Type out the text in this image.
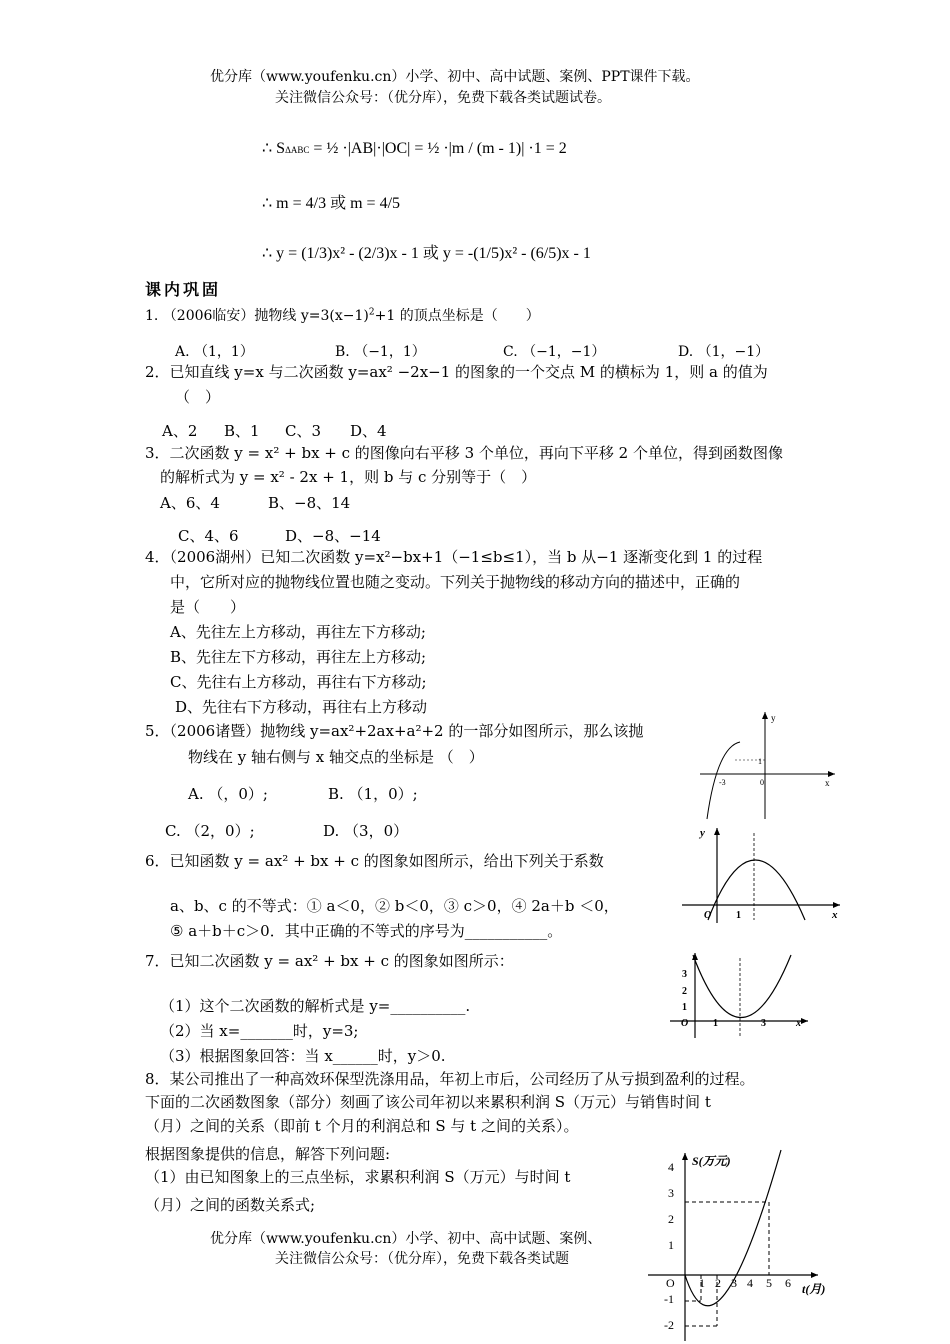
优分库（www.youfenku.cn）小学、初中、高中试题、案例、PPT课件下载。
关注微信公众号：（优分库），免费下载各类试题试卷。
∴ SΔABC = ½ ·|AB|·|OC| = ½ ·|m / (m - 1)| ·1 = 2
∴ m = 4/3 或 m = 4/5
∴ y = (1/3)x² - (2/3)x - 1 或 y = -(1/5)x² - (6/5)x - 1
课内巩固
1. （2006临安）抛物线 $y=3(x-1)^2+1$ 的顶点坐标是（　　）
A. （1，1）	B. （−1，1）	C. （−1，−1）	D. （1，−1）
2．已知直线 y=x 与二次函数 y=ax² −2x−1 的图象的一个交点 M 的横标为 1，则 a 的值为
（　）
A、2 B、1 C、3 D、4
3．二次函数 y = x² + bx + c 的图像向右平移 3 个单位，再向下平移 2 个单位，得到函数图像
的解析式为 y = x² - 2x + 1，则 b 与 c 分别等于（　）
A、6、4	B、−8、14
C、4、6	D、−8、−14
4．（2006湖州）已知二次函数 y=x²−bx+1（−1≤b≤1），当 b 从−1 逐渐变化到 1 的过程
中，它所对应的抛物线位置也随之变动。下列关于抛物线的移动方向的描述中，正确的
是（　　）
A、先往左上方移动，再往左下方移动;
B、先往左下方移动，再往左上方移动;
C、先往右上方移动，再往右下方移动;
D、先往右下方移动，再往右上方移动
5．（2006诸暨）抛物线 y=ax²+2ax+a²+2 的一部分如图所示，那么该抛
物线在 y 轴右侧与 x 轴交点的坐标是 （　）
A. （，0）;	B. （1，0）;
C. （2，0）;	D. （3，0）
y
x
-3
1
0
6．已知函数 y = ax² + bx + c 的图象如图所示，给出下列关于系数
a、b、c 的不等式：① a＜0，② b＜0，③ c＞0，④ 2a＋b ＜0，
⑤ a＋b＋c＞0．其中正确的不等式的序号为___________。
y
x
O 1
7．已知二次函数 y = ax² + bx + c 的图象如图所示：
（1）这个二次函数的解析式是 y=__________.
（2）当 x=_______时，y=3;
（3）根据图象回答：当 x______时，y＞0.
x
O 1	3
3
2
1
8．某公司推出了一种高效环保型洗涤用品，年初上市后，公司经历了从亏损到盈利的过程。
下面的二次函数图象（部分）刻画了该公司年初以来累积利润 S（万元）与销售时间 t
（月）之间的关系（即前 t 个月的利润总和 S 与 t 之间的关系）。
根据图象提供的信息，解答下列问题:
（1）由已知图象上的三点坐标，求累积利润 S（万元）与时间 t
（月）之间的函数关系式;
S(万元)
t(月)
O 1 2 3 4 5 6
4
3
2
1
-1
-2
优分库（www.youfenku.cn）小学、初中、高中试题、案例、
关注微信公众号：（优分库），免费下载各类试题
